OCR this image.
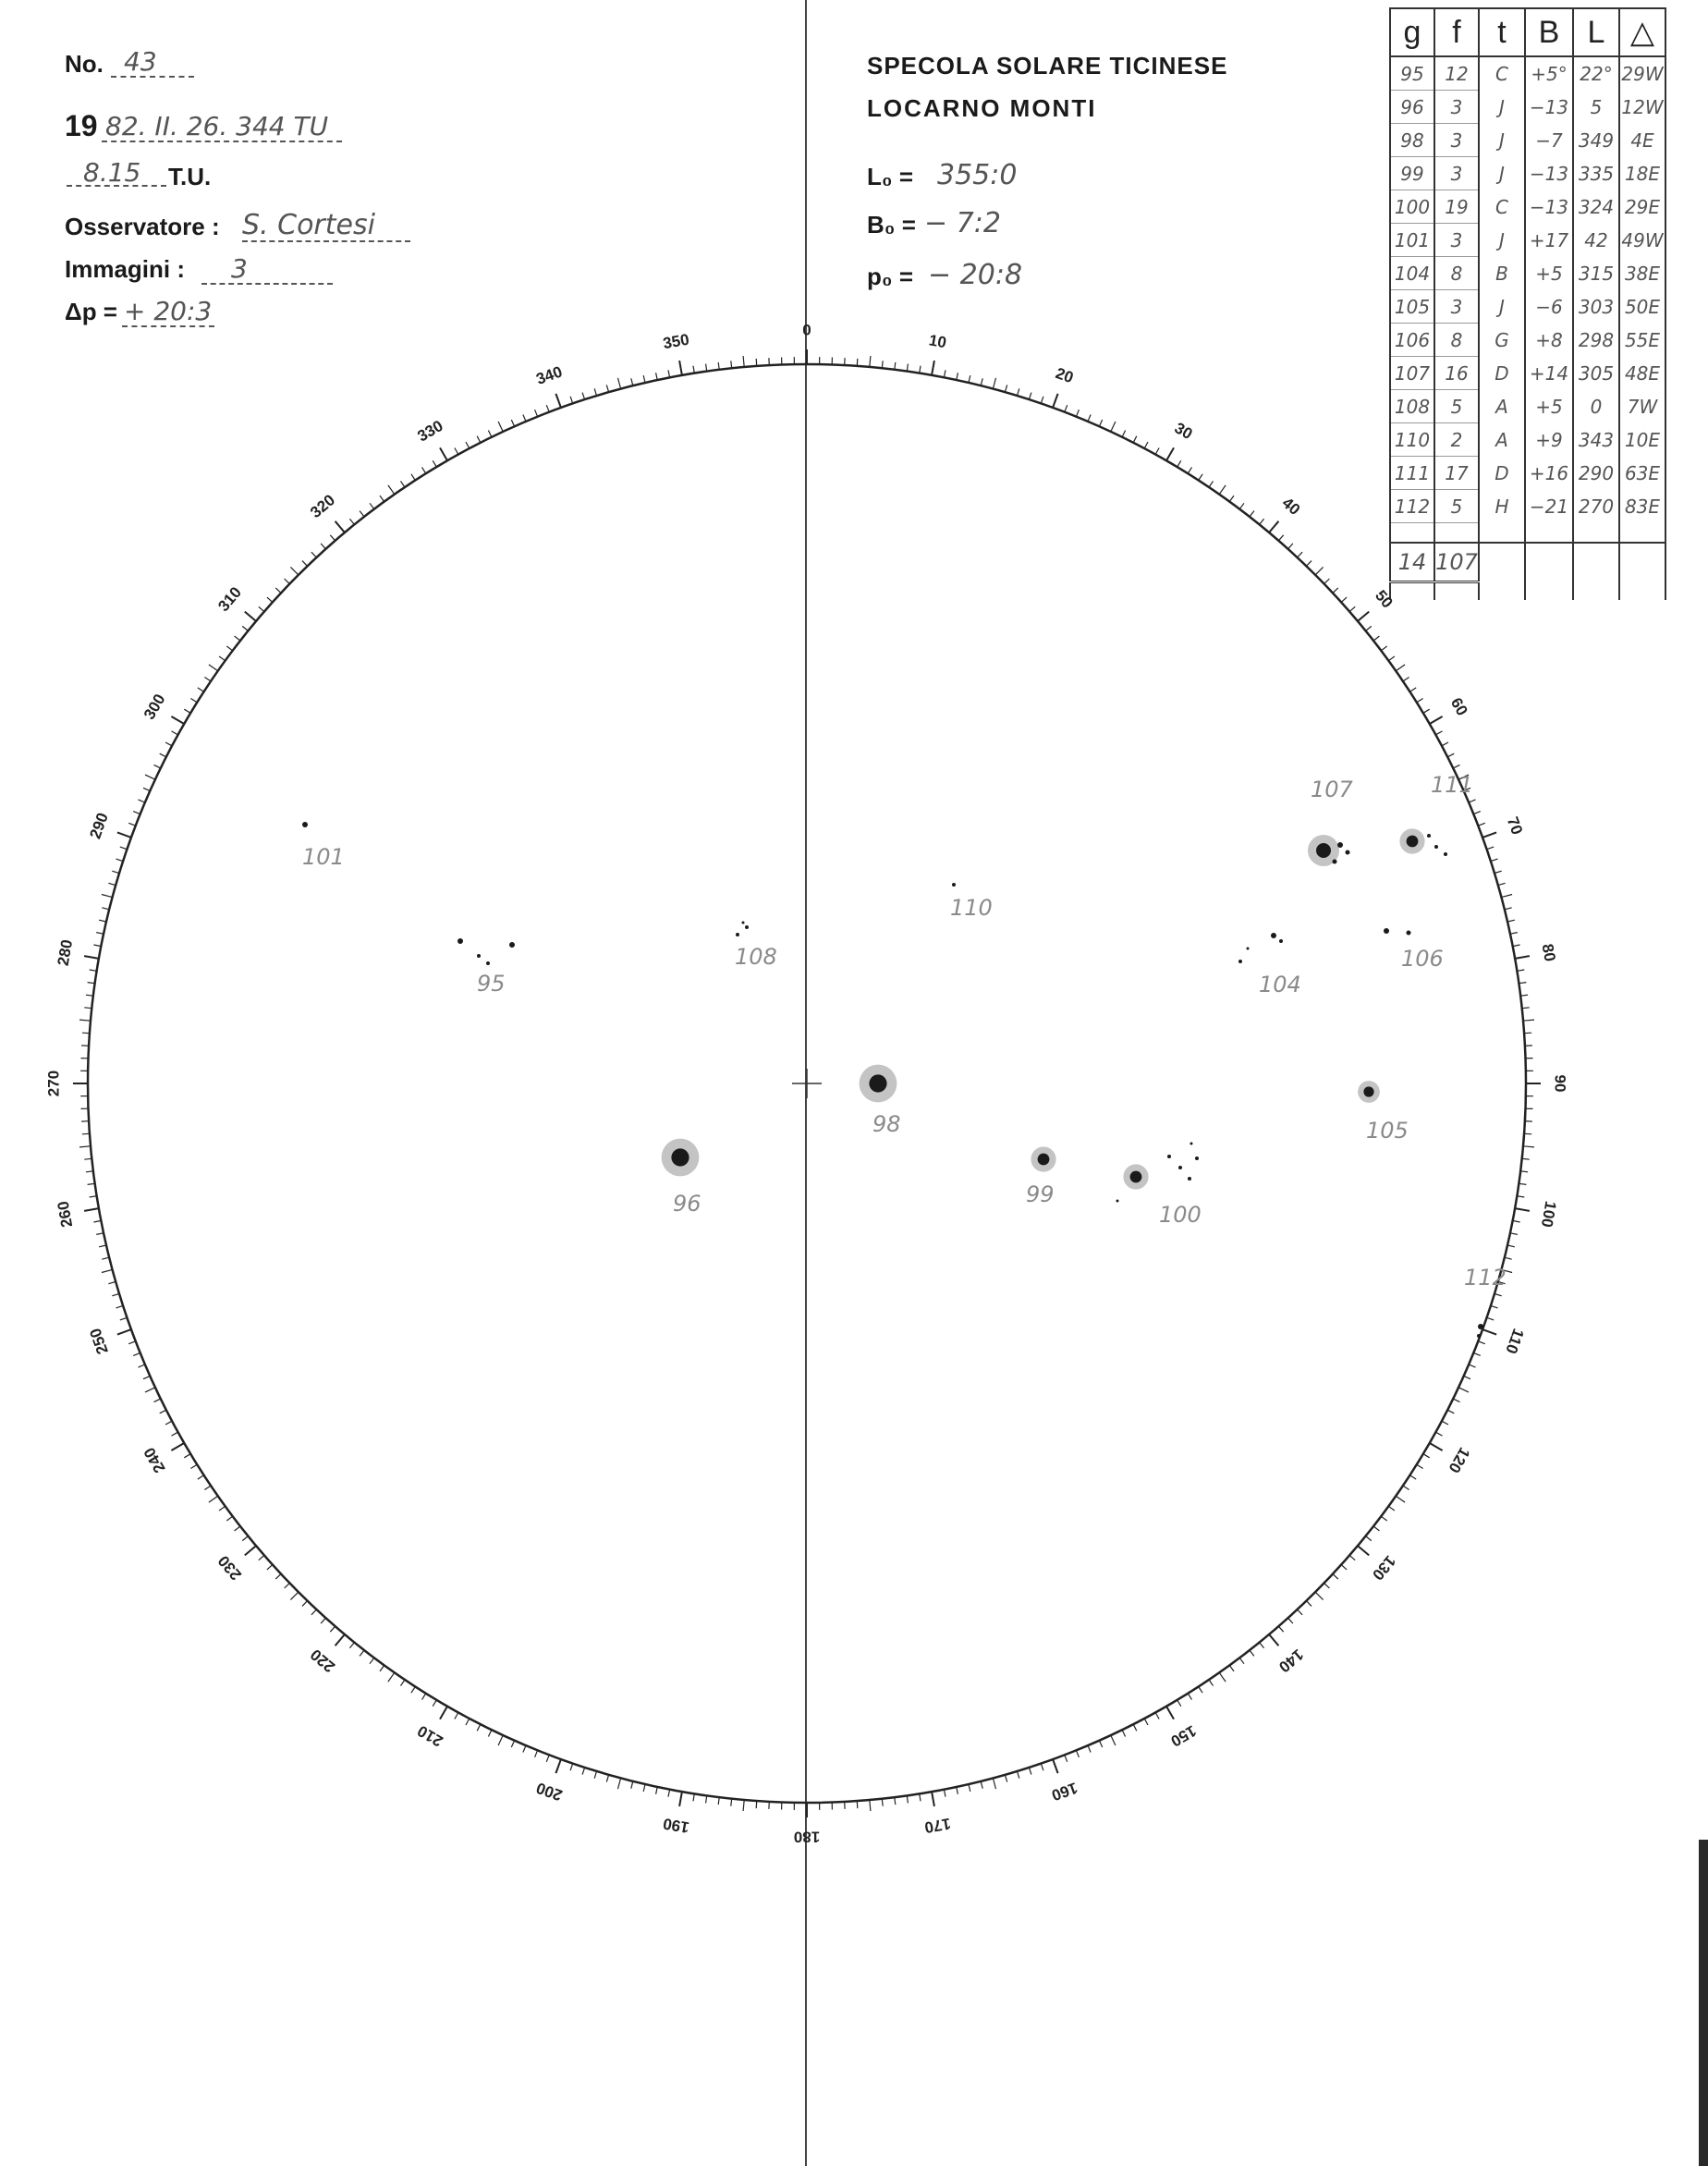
No. 43
19 82. II. 26. 344 TU
8.15 T.U.
Osservatore : S. Cortesi
Immagini : 3
Δp = + 20:3
SPECOLA SOLARE TICINESE
LOCARNO MONTI
L₀ = 355:0
B₀ = − 7:2
p₀ = − 20:8
g	f	t	B	L	△
95	12	C	+5°	22°	29W
96	3	J	−13	5	12W
98	3	J	−7	349	4E
99	3	J	−13	335	18E
100	19	C	−13	324	29E
101	3	J	+17	42	49W
104	8	B	+5	315	38E
105	3	J	−6	303	50E
106	8	G	+8	298	55E
107	16	D	+14	305	48E
108	5	A	+5	0	7W
110	2	A	+9	343	10E
111	17	D	+16	290	63E
112	5	H	−21	270	83E

14	107				

0
10
20
30
40
50
60
70
80
90
100
110
120
130
140
150
160
170
180
190
200
210
220
230
240
250
260
270
280
290
300
310
320
330
340
350
101
95
108
110
107	111
104
106
98	105
96	99
100
112
